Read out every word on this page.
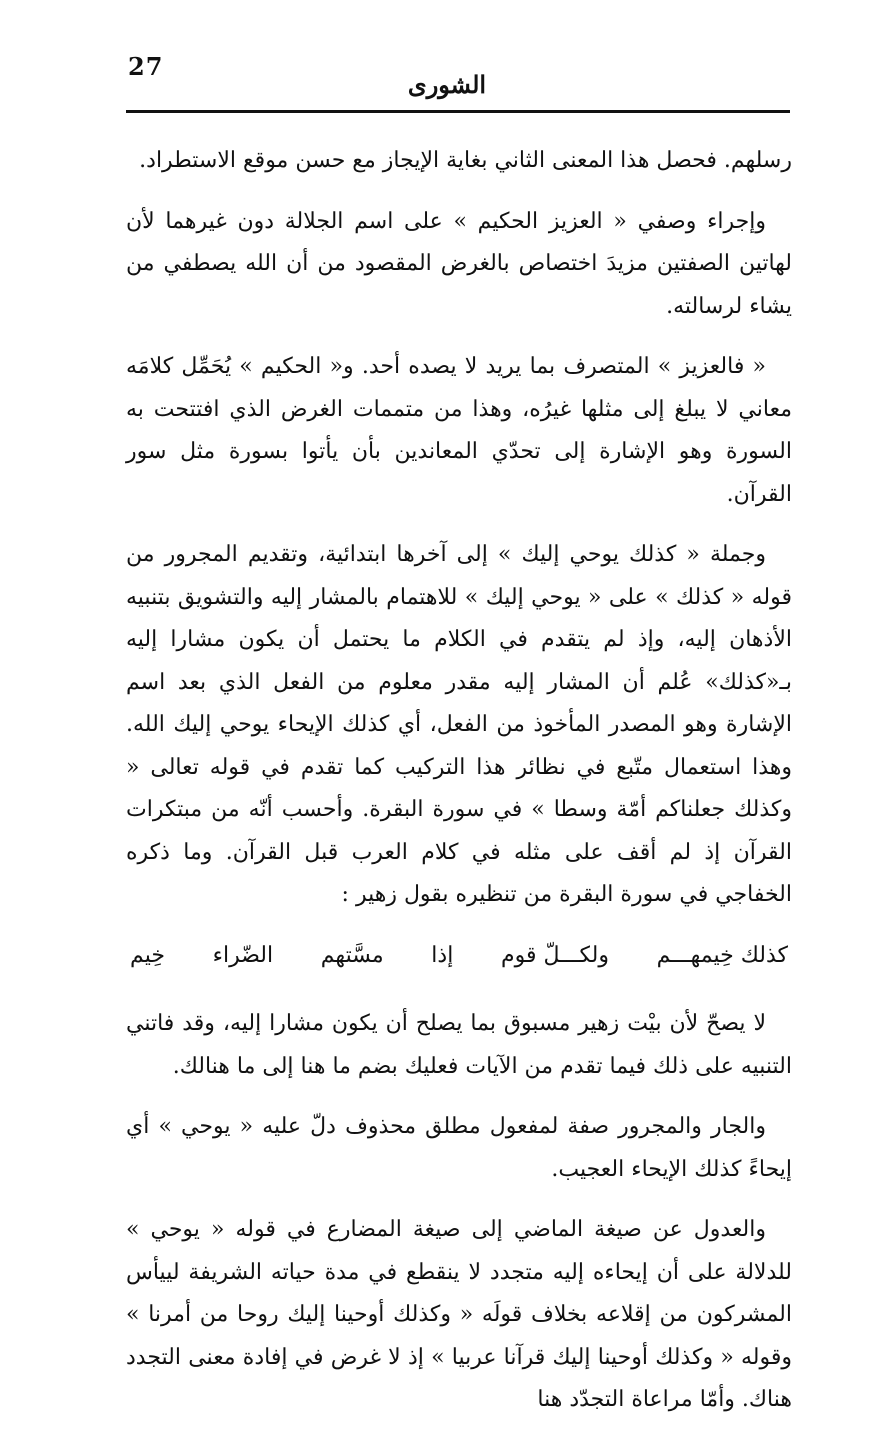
27
الشورى

رسلهم. فحصل هذا المعنى الثاني بغاية الإيجاز مع حسن موقع الاستطراد.

وإجراء وصفي « العزيز الحكيم » على اسم الجلالة دون غيرهما لأن لهاتين الصفتين مزيدَ اختصاص بالغرض المقصود من أن الله يصطفي من يشاء لرسالته.

« فالعزيز » المتصرف بما يريد لا يصده أحد. و« الحكيم » يُحَمِّل كلامَه معاني لا يبلغ إلى مثلها غيرُه، وهذا من متممات الغرض الذي افتتحت به السورة وهو الإشارة إلى تحدّي المعاندين بأن يأتوا بسورة مثل سور القرآن.

وجملة « كذلك يوحي إليك » إلى آخرها ابتدائية، وتقديم المجرور من قوله « كذلك » على « يوحي إليك » للاهتمام بالمشار إليه والتشويق بتنبيه الأذهان إليه، وإذ لم يتقدم في الكلام ما يحتمل أن يكون مشارا إليه بـ«كذلك» عُلم أن المشار إليه مقدر معلوم من الفعل الذي بعد اسم الإشارة وهو المصدر المأخوذ من الفعل، أي كذلك الإيحاء يوحي إليك الله. وهذا استعمال متّبع في نظائر هذا التركيب كما تقدم في قوله تعالى « وكذلك جعلناكم أمّة وسطا » في سورة البقرة. وأحسب أنّه من مبتكرات القرآن إذ لم أقف على مثله في كلام العرب قبل القرآن. وما ذكره الخفاجي في سورة البقرة من تنظيره بقول زهير :

كذلك خِيمهـــم
ولكـــلّ قوم
إذا
مسَّتهم
الضّراء
خِيم

لا يصحّ لأن بيْت زهير مسبوق بما يصلح أن يكون مشارا إليه، وقد فاتني التنبيه على ذلك فيما تقدم من الآيات فعليك بضم ما هنا إلى ما هنالك.

والجار والمجرور صفة لمفعول مطلق محذوف دلّ عليه « يوحي » أي إيحاءً كذلك الإيحاء العجيب.

والعدول عن صيغة الماضي إلى صيغة المضارع في قوله « يوحي » للدلالة على أن إيحاءه إليه متجدد لا ينقطع في مدة حياته الشريفة لييأس المشركون من إقلاعه بخلاف قولَه « وكذلك أوحينا إليك روحا من أمرنا » وقوله « وكذلك أوحينا إليك قرآنا عربيا » إذ لا غرض في إفادة معنى التجدد هناك. وأمّا مراعاة التجدّد هنا
